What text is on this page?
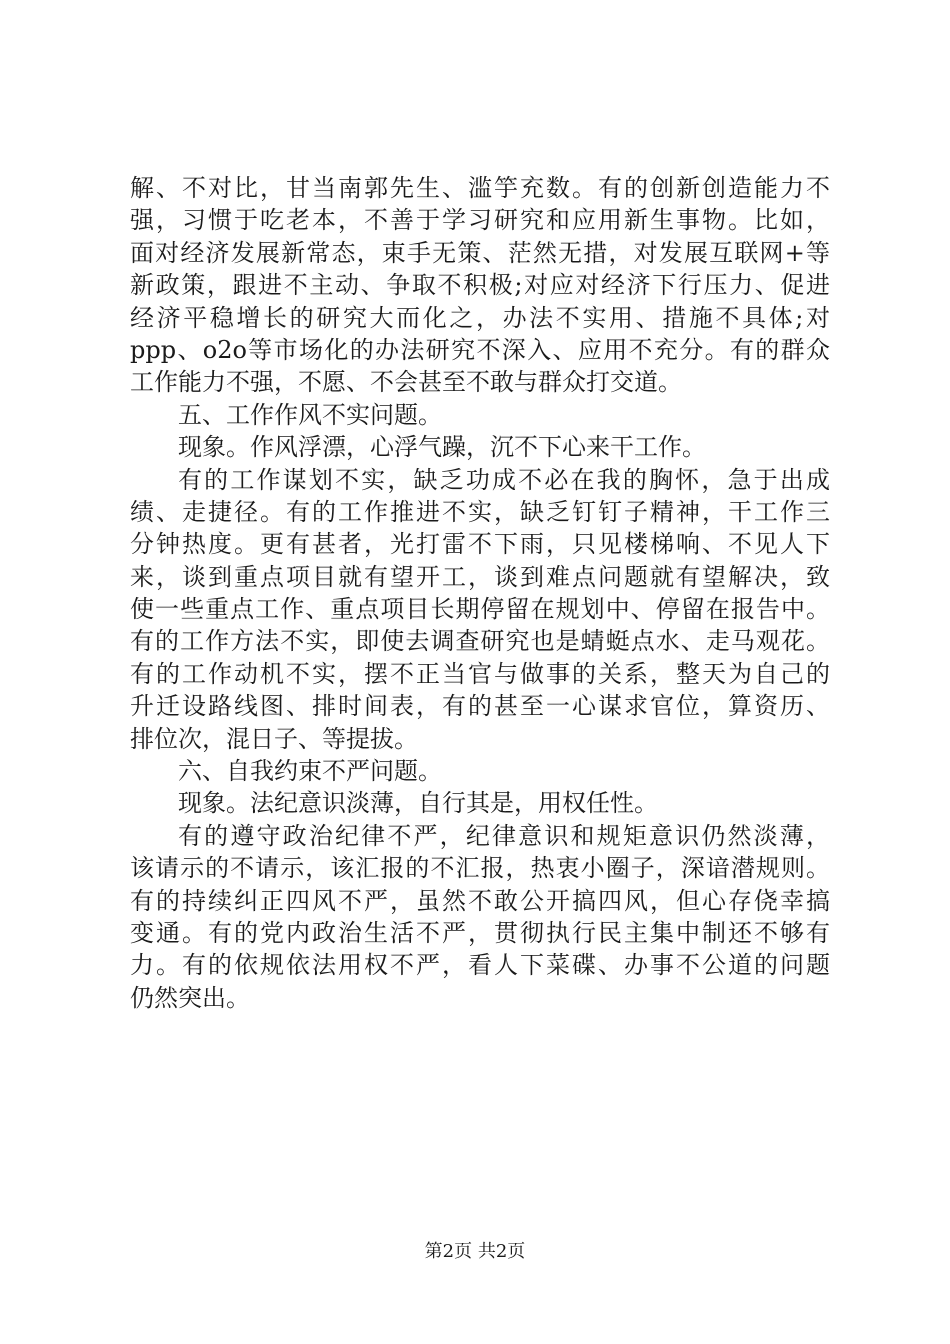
解、不对比，甘当南郭先生、滥竽充数。有的创新创造能力不
强，习惯于吃老本，不善于学习研究和应用新生事物。比如，
面对经济发展新常态，束手无策、茫然无措，对发展互联网+等
新政策，跟进不主动、争取不积极;对应对经济下行压力、促进
经济平稳增长的研究大而化之，办法不实用、措施不具体;对
ppp、o2o等市场化的办法研究不深入、应用不充分。有的群众
工作能力不强，不愿、不会甚至不敢与群众打交道。
五、工作作风不实问题。
现象。作风浮漂，心浮气躁，沉不下心来干工作。
有的工作谋划不实，缺乏功成不必在我的胸怀，急于出成
绩、走捷径。有的工作推进不实，缺乏钉钉子精神，干工作三
分钟热度。更有甚者，光打雷不下雨，只见楼梯响、不见人下
来，谈到重点项目就有望开工，谈到难点问题就有望解决，致
使一些重点工作、重点项目长期停留在规划中、停留在报告中。
有的工作方法不实，即使去调查研究也是蜻蜓点水、走马观花。
有的工作动机不实，摆不正当官与做事的关系，整天为自己的
升迁设路线图、排时间表，有的甚至一心谋求官位，算资历、
排位次，混日子、等提拔。
六、自我约束不严问题。
现象。法纪意识淡薄，自行其是，用权任性。
有的遵守政治纪律不严，纪律意识和规矩意识仍然淡薄，
该请示的不请示，该汇报的不汇报，热衷小圈子，深谙潜规则。
有的持续纠正四风不严，虽然不敢公开搞四风，但心存侥幸搞
变通。有的党内政治生活不严，贯彻执行民主集中制还不够有
力。有的依规依法用权不严，看人下菜碟、办事不公道的问题
仍然突出。
第2页 共2页
